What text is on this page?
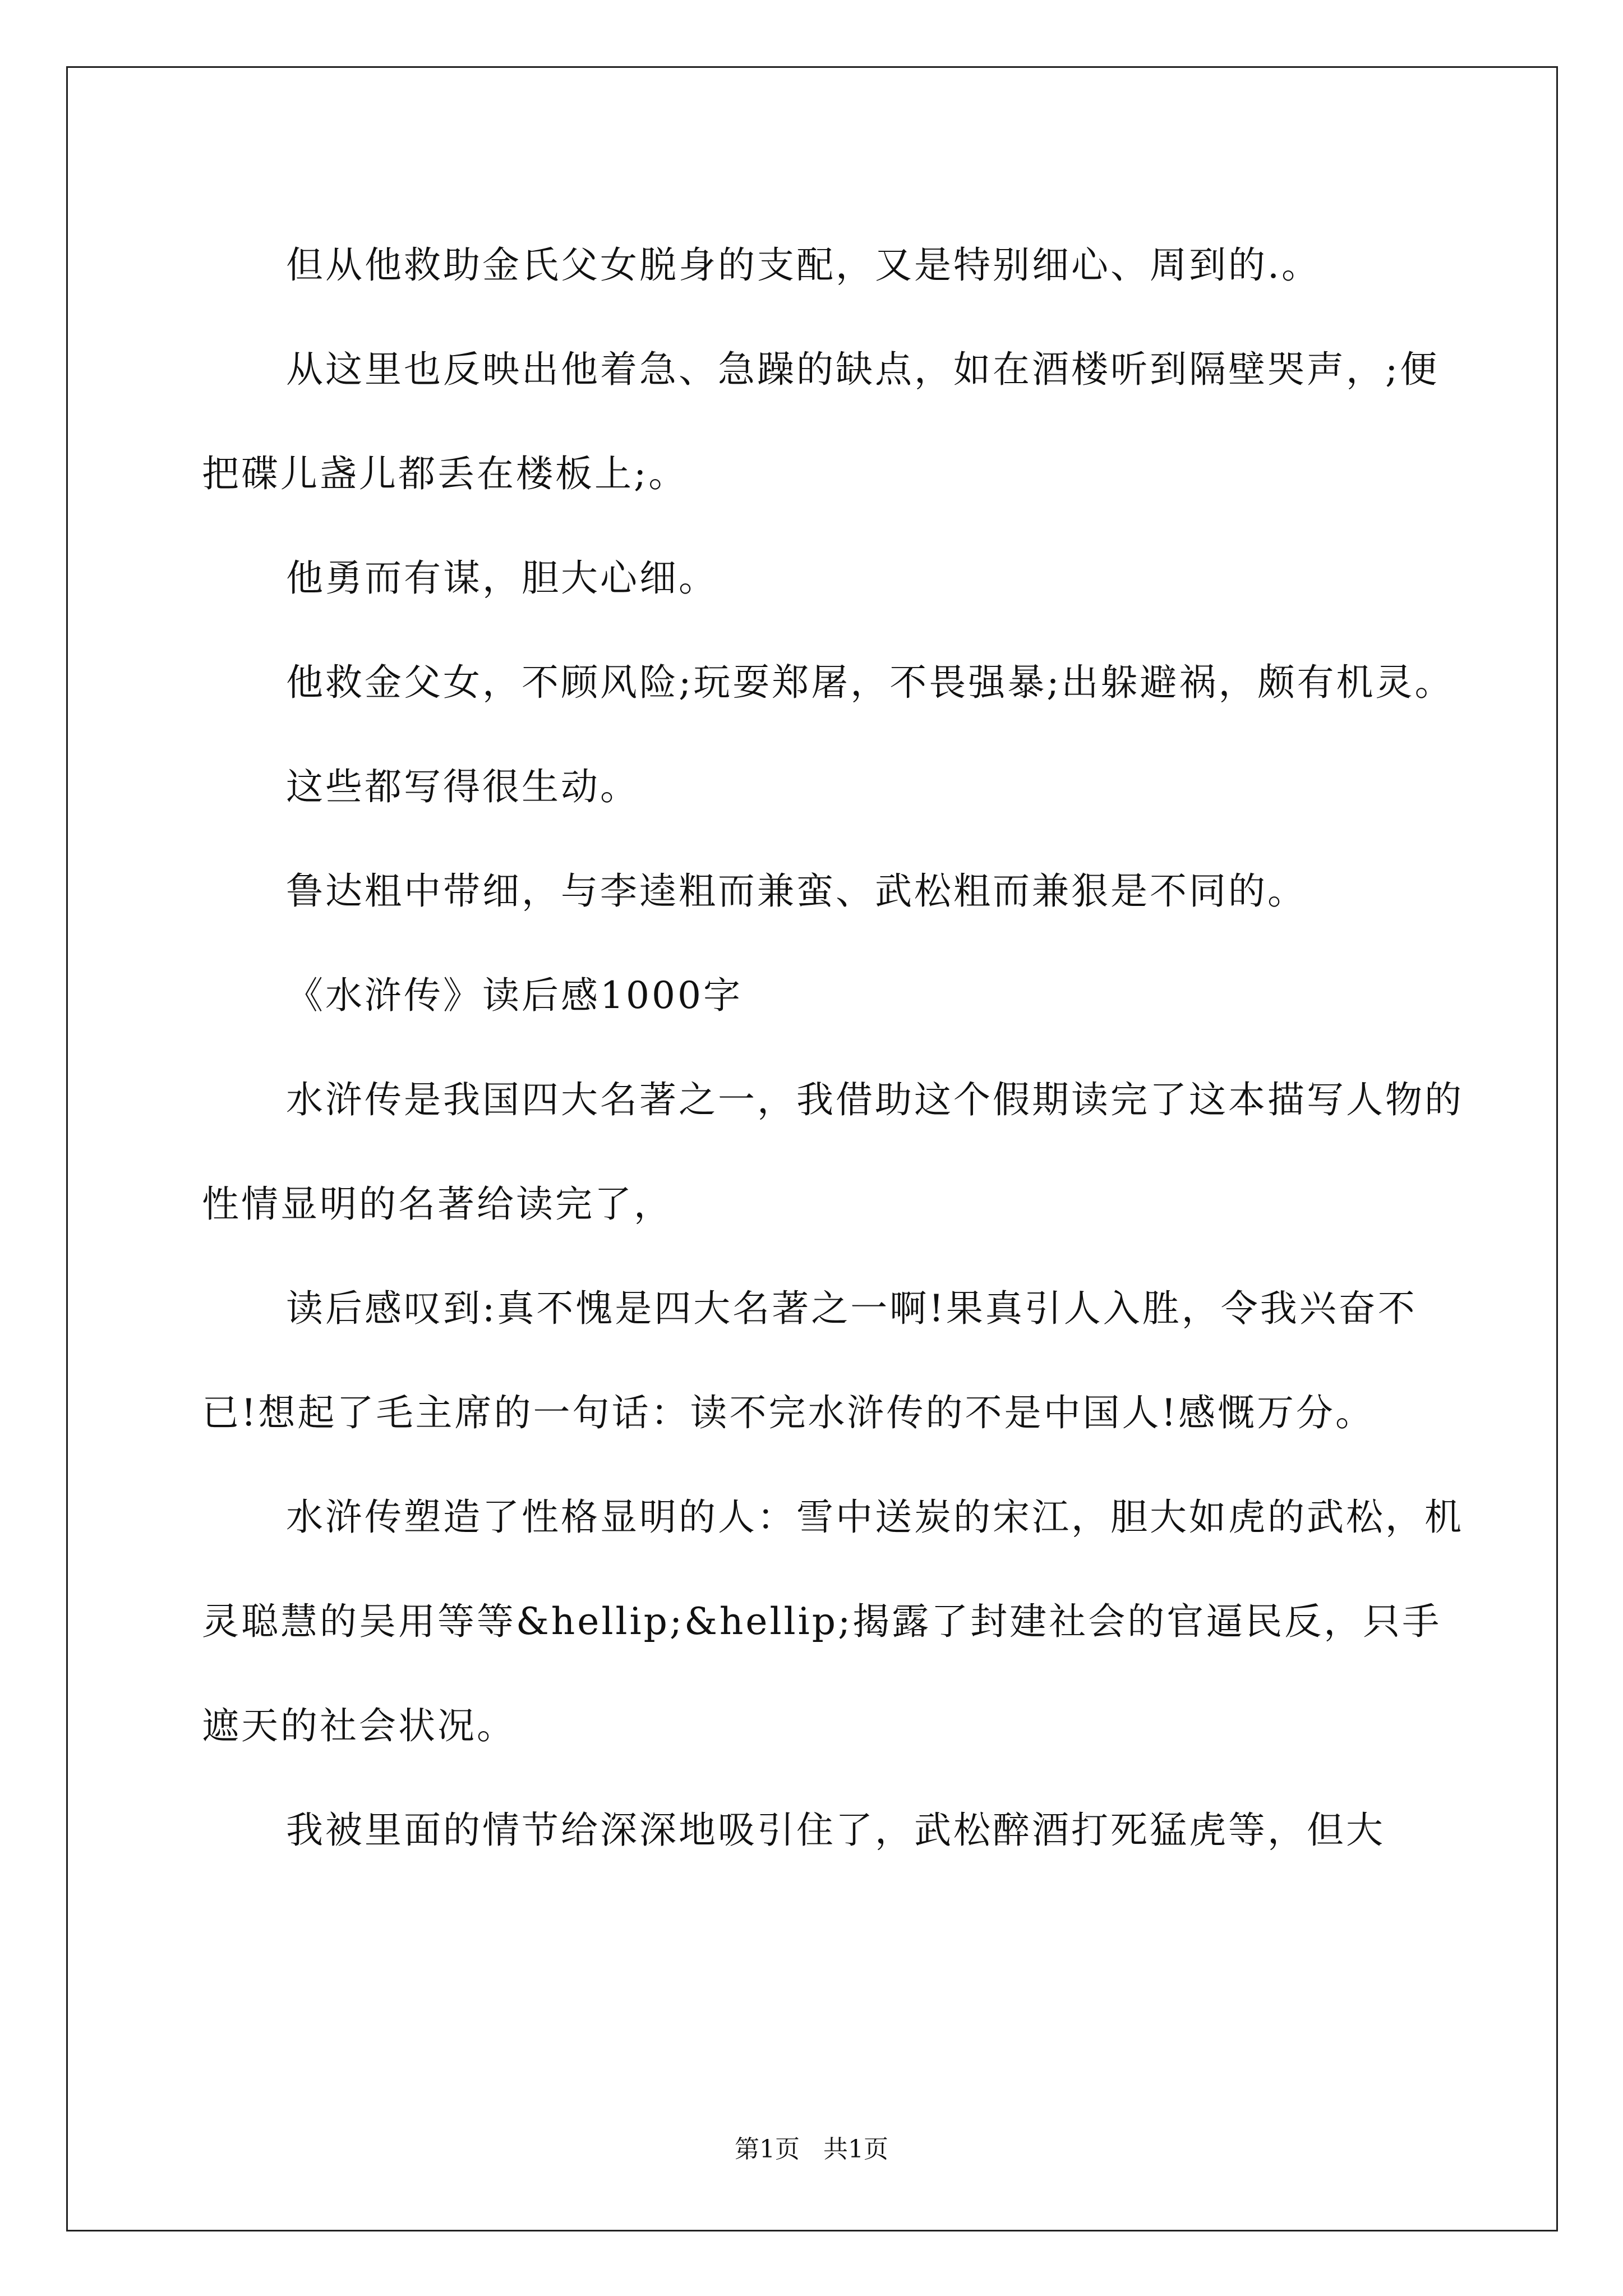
但从他救助金氏父女脱身的支配，又是特别细心、周到的.。

从这里也反映出他着急、急躁的缺点，如在酒楼听到隔壁哭声，;便把碟儿盏儿都丢在楼板上;。

他勇而有谋，胆大心细。

他救金父女，不顾风险;玩耍郑屠，不畏强暴;出躲避祸，颇有机灵。

这些都写得很生动。

鲁达粗中带细，与李逵粗而兼蛮、武松粗而兼狠是不同的。

《水浒传》读后感1000字

水浒传是我国四大名著之一，我借助这个假期读完了这本描写人物的性情显明的名著给读完了，

读后感叹到:真不愧是四大名著之一啊!果真引人入胜，令我兴奋不已!想起了毛主席的一句话：读不完水浒传的不是中国人!感慨万分。

水浒传塑造了性格显明的人：雪中送炭的宋江，胆大如虎的武松，机灵聪慧的吴用等等&hellip;&hellip;揭露了封建社会的官逼民反，只手遮天的社会状况。

我被里面的情节给深深地吸引住了，武松醉酒打死猛虎等，但大

第1页 共1页
